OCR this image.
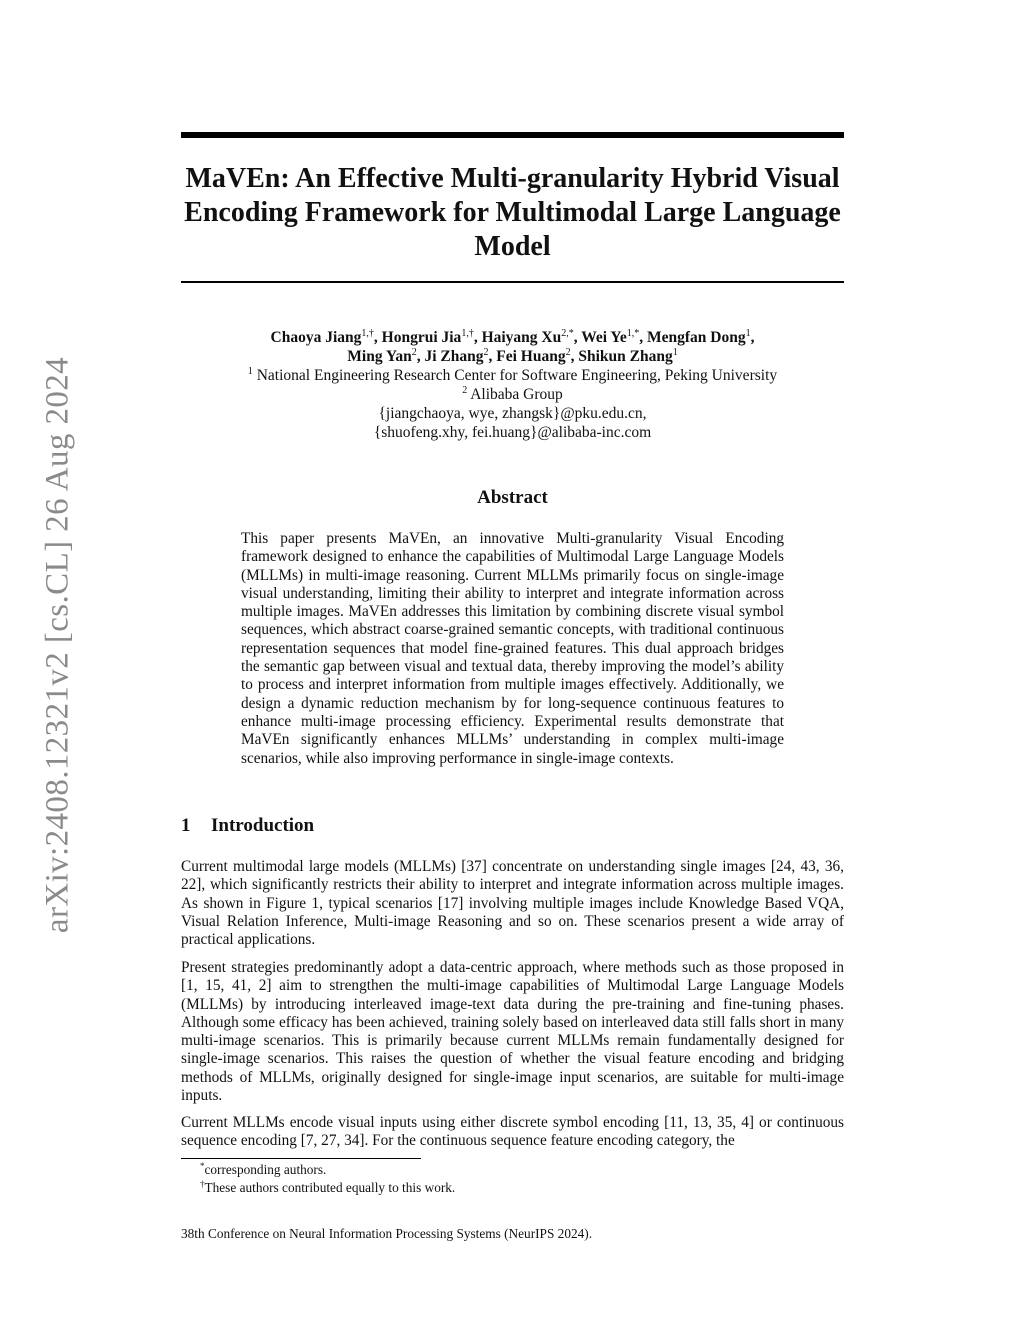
arXiv:2408.12321v2 [cs.CL] 26 Aug 2024
MaVEn: An Effective Multi-granularity Hybrid Visual Encoding Framework for Multimodal Large Language Model
Chaoya Jiang$^{1,\dagger}$, Hongrui Jia$^{1,\dagger}$, Haiyang $Xu^{2,*}$, Wei $Ye^{1,*}$, Mengfan Dong$^1$,
Ming Yan$^2$, Ji Zhang$^2$, Fei Huang$^2$, Shikun Zhang$^1$
$^1$ National Engineering Research Center for Software Engineering, Peking University
$^2$ Alibaba Group
{jiangchaoya, wye, zhangsk}@pku.edu.cn,
{shuofeng.xhy, fei.huang}@alibaba-inc.com
Abstract

This paper presents MaVEn, an innovative Multi-granularity Visual Encoding framework designed to enhance the capabilities of Multimodal Large Language Models (MLLMs) in multi-image reasoning. Current MLLMs primarily focus on single-image visual understanding, limiting their ability to interpret and integrate information across multiple images. MaVEn addresses this limitation by combining discrete visual symbol sequences, which abstract coarse-grained semantic concepts, with traditional continuous representation sequences that model fine-grained features. This dual approach bridges the semantic gap between visual and textual data, thereby improving the model’s ability to process and interpret information from multiple images effectively. Additionally, we design a dynamic reduction mechanism by for long-sequence continuous features to enhance multi-image processing efficiency. Experimental results demonstrate that MaVEn significantly enhances MLLMs’ understanding in complex multi-image scenarios, while also improving performance in single-image contexts.

1 Introduction

Current multimodal large models (MLLMs) [37] concentrate on understanding single images [24, 43, 36, 22], which significantly restricts their ability to interpret and integrate information across multiple images. As shown in Figure 1, typical scenarios [17] involving multiple images include Knowledge Based VQA, Visual Relation Inference, Multi-image Reasoning and so on. These scenarios present a wide array of practical applications.

Present strategies predominantly adopt a data-centric approach, where methods such as those proposed in [1, 15, 41, 2] aim to strengthen the multi-image capabilities of Multimodal Large Language Models (MLLMs) by introducing interleaved image-text data during the pre-training and fine-tuning phases. Although some efficacy has been achieved, training solely based on interleaved data still falls short in many multi-image scenarios. This is primarily because current MLLMs remain fundamentally designed for single-image scenarios. This raises the question of whether the visual feature encoding and bridging methods of MLLMs, originally designed for single-image input scenarios, are suitable for multi-image inputs.

Current MLLMs encode visual inputs using either discrete symbol encoding [11, 13, 35, 4] or continuous sequence encoding [7, 27, 34]. For the continuous sequence feature encoding category, the

*corresponding authors.
†These authors contributed equally to this work.
38th Conference on Neural Information Processing Systems (NeurIPS 2024).
